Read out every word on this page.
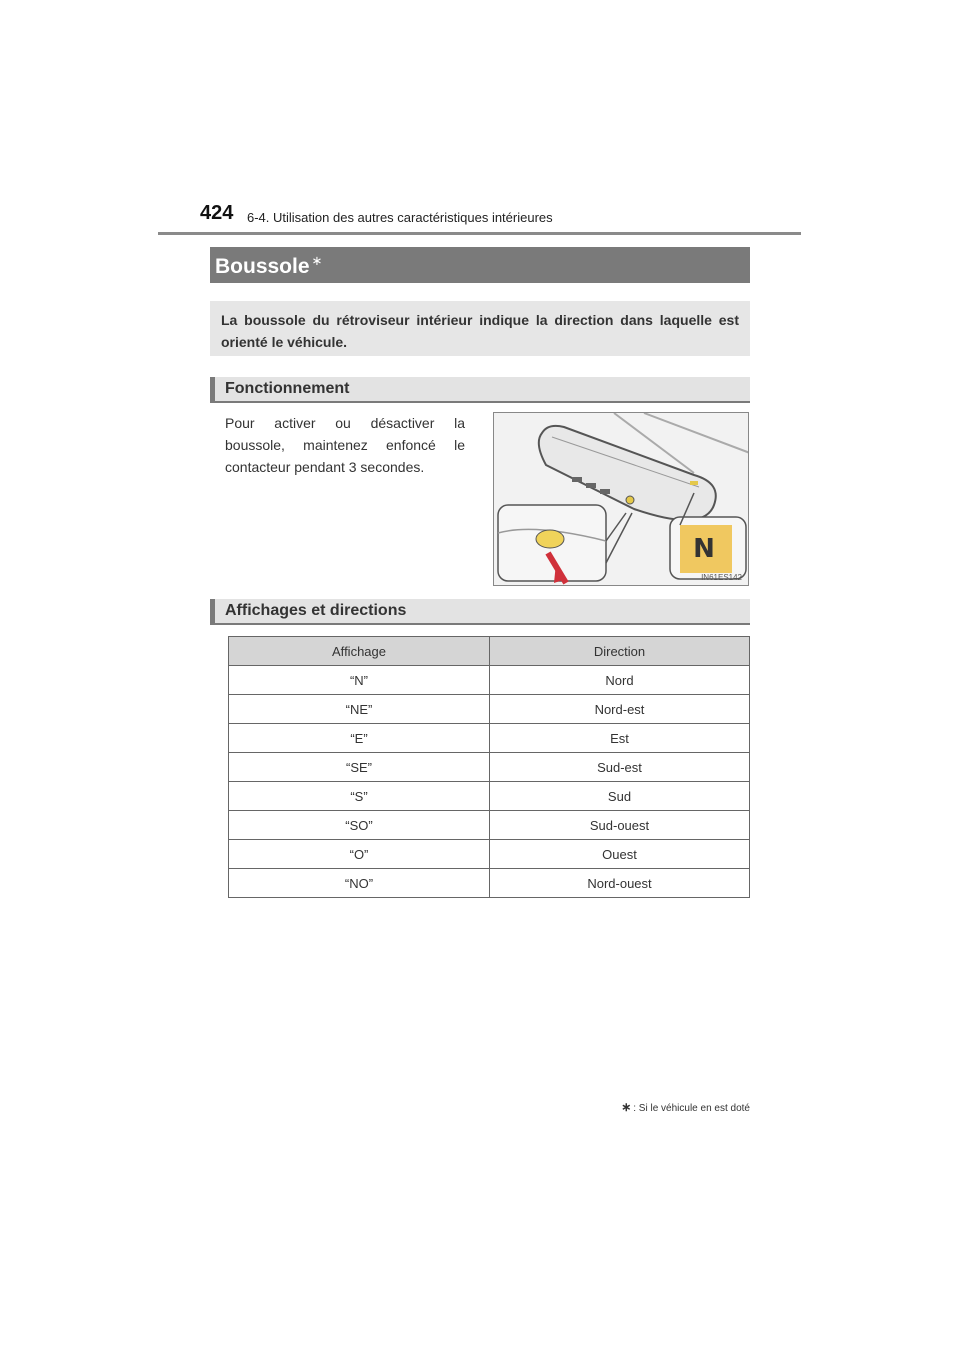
424 6-4. Utilisation des autres caractéristiques intérieures
Boussole ∗
La boussole du rétroviseur intérieur indique la direction dans laquelle est orienté le véhicule.
Fonctionnement
Pour activer ou désactiver la boussole, maintenez enfoncé le contacteur pendant 3 secondes.
N
IN61ES142
Affichages et directions
Affichage	Direction
“N”	Nord
“NE”	Nord-est
“E”	Est
“SE”	Sud-est
“S”	Sud
“SO”	Sud-ouest
“O”	Ouest
“NO”	Nord-ouest
∗ : Si le véhicule en est doté
